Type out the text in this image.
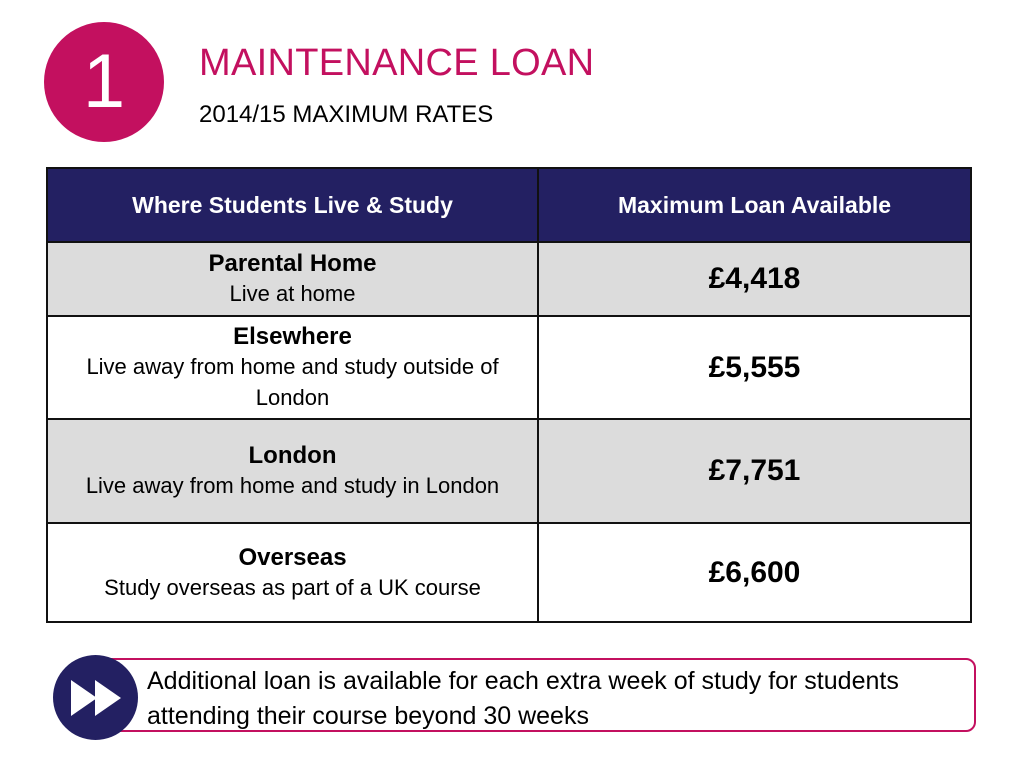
1 MAINTENANCE LOAN
2014/15 MAXIMUM RATES
Where Students Live & Study	Maximum Loan Available

Parental Home
Live at home	£4,418

Elsewhere
Live away from home and study outside of London	£5,555

London
Live away from home and study in London	£7,751

Overseas
Study overseas as part of a UK course	£6,600
Additional loan is available for each extra week of study for students attending their course beyond 30 weeks
